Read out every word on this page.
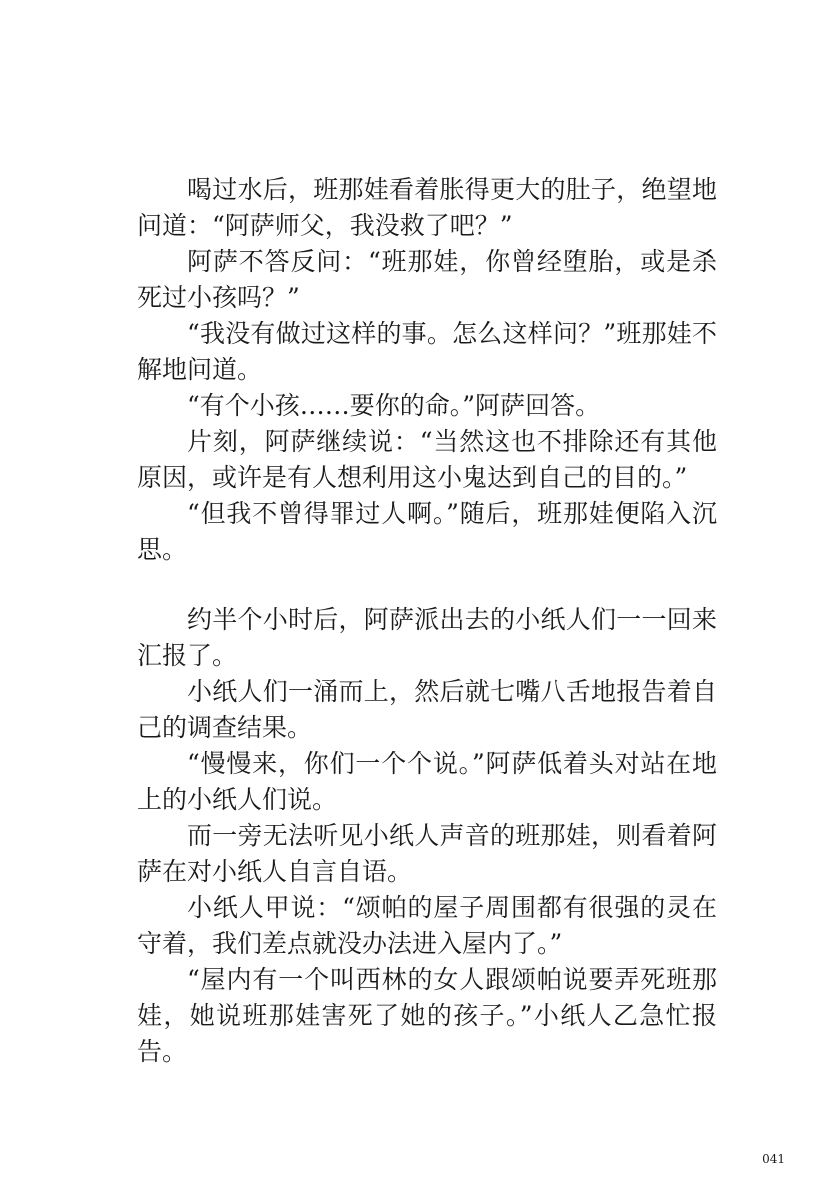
喝过水后，班那娃看着胀得更大的肚子，绝望地问道：“阿萨师父，我没救了吧？”

阿萨不答反问：“班那娃，你曾经堕胎，或是杀死过小孩吗？”

“我没有做过这样的事。怎么这样问？”班那娃不解地问道。

“有个小孩……要你的命。”阿萨回答。

片刻，阿萨继续说：“当然这也不排除还有其他原因，或许是有人想利用这小鬼达到自己的目的。”

“但我不曾得罪过人啊。”随后，班那娃便陷入沉思。

约半个小时后，阿萨派出去的小纸人们一一回来汇报了。

小纸人们一涌而上，然后就七嘴八舌地报告着自己的调查结果。

“慢慢来，你们一个个说。”阿萨低着头对站在地上的小纸人们说。

而一旁无法听见小纸人声音的班那娃，则看着阿萨在对小纸人自言自语。

小纸人甲说：“颂帕的屋子周围都有很强的灵在守着，我们差点就没办法进入屋内了。”

“屋内有一个叫西林的女人跟颂帕说要弄死班那娃，她说班那娃害死了她的孩子。”小纸人乙急忙报告。

041
